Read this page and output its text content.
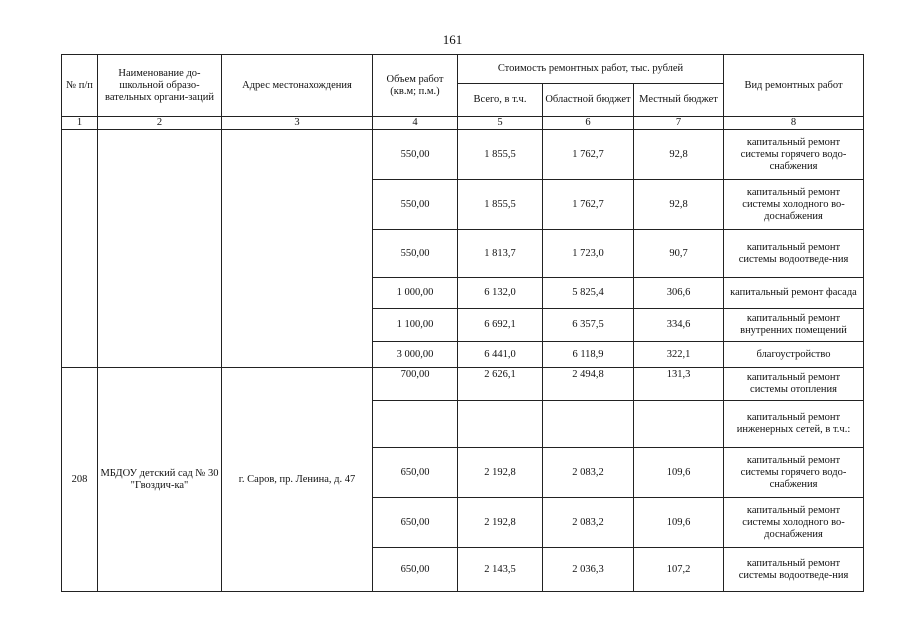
161
№ п/п	Наименование до-школьной образо-вательных органи-заций	Адрес местонахождения	Объем работ (кв.м; п.м.)	Стоимость ремонтных работ, тыс. рублей			Вид ремонтных работ
				Всего, в т.ч.	Областной бюджет	Местный бюджет	
1	2	3	4	5	6	7	8
			550,00	1 855,5	1 762,7	92,8	капитальный ремонт системы горячего водо-снабжения
			550,00	1 855,5	1 762,7	92,8	капитальный ремонт системы холодного во-доснабжения
			550,00	1 813,7	1 723,0	90,7	капитальный ремонт системы водоотведе-ния
			1 000,00	6 132,0	5 825,4	306,6	капитальный ремонт фасада
			1 100,00	6 692,1	6 357,5	334,6	капитальный ремонт внутренних помещений
			3 000,00	6 441,0	6 118,9	322,1	благоустройство
208	МБДОУ детский сад № 30 "Гвоздич-ка"	г. Саров, пр. Ленина, д. 47	700,00	2 626,1	2 494,8	131,3	капитальный ремонт системы отопления
							капитальный ремонт инженерных сетей, в т.ч.:
			650,00	2 192,8	2 083,2	109,6	капитальный ремонт системы горячего водо-снабжения
			650,00	2 192,8	2 083,2	109,6	капитальный ремонт системы холодного во-доснабжения
			650,00	2 143,5	2 036,3	107,2	капитальный ремонт системы водоотведе-ния
